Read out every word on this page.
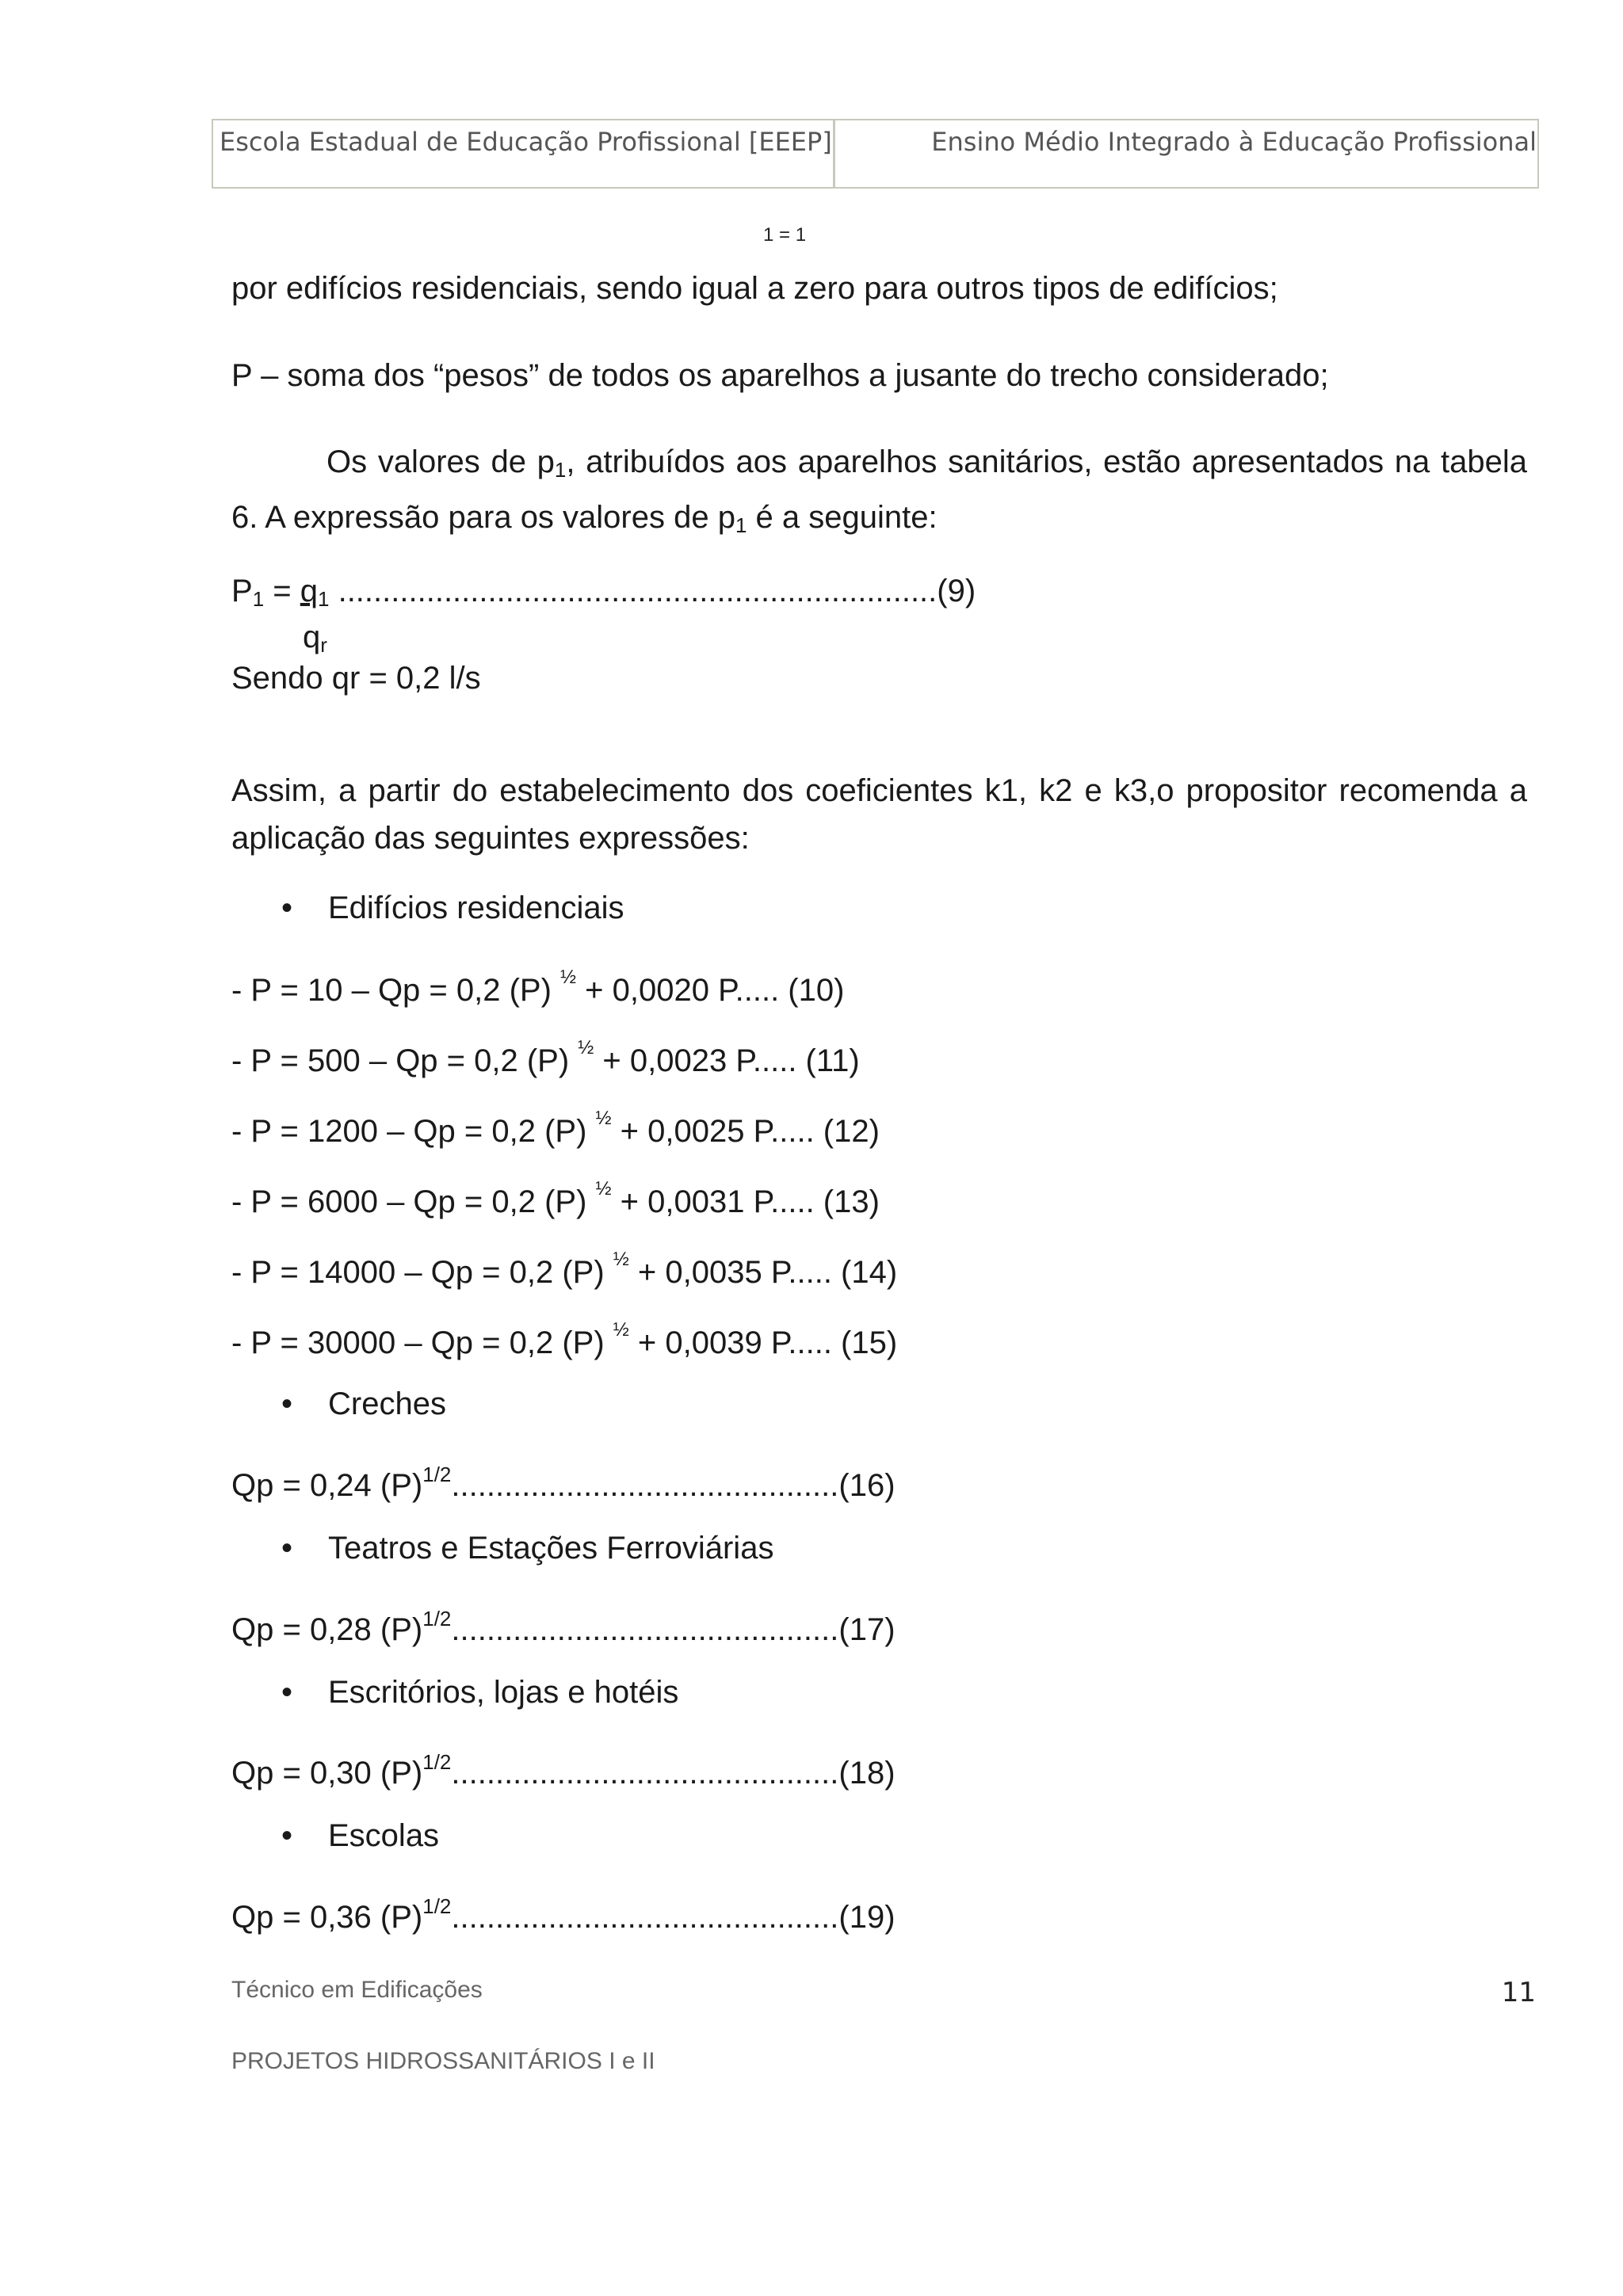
Escola Estadual de Educação Profissional [EEEP]	Ensino Médio Integrado à Educação Profissional
1 = 1
por edifícios residenciais, sendo igual a zero para outros tipos de edifícios;
P – soma dos “pesos” de todos os aparelhos a jusante do trecho considerado;
Os valores de $p_1$, atribuídos aos aparelhos sanitários, estão apresentados na tabela 6. A expressão para os valores de $p_1$ é a seguinte:
$P_1 = q_1$ ....................................................................(9)
$q_r$
Sendo qr = 0,2 l/s
Assim, a partir do estabelecimento dos coeficientes k1, k2 e k3,o propositor recomenda a aplicação das seguintes expressões:
• Edifícios residenciais
- P = 10 – Qp = 0,2 (P) $^{\frac{1}{2}}$ + 0,0020 P..... (10)
- P = 500 – Qp = 0,2 (P) $^{\frac{1}{2}}$ + 0,0023 P..... (11)
- P = 1200 – Qp = 0,2 (P) $^{\frac{1}{2}}$ + 0,0025 P..... (12)
- P = 6000 – Qp = 0,2 (P) $^{\frac{1}{2}}$ + 0,0031 P..... (13)
- P = 14000 – Qp = 0,2 (P) $^{\frac{1}{2}}$ + 0,0035 P..... (14)
- P = 30000 – Qp = 0,2 (P) $^{\frac{1}{2}}$ + 0,0039 P..... (15)
• Creches
Qp = 0,24 $(P)^{1/2}............................................(16)$
• Teatros e Estações Ferroviárias
Qp = 0,28 $(P)^{1/2}............................................(17)$
• Escritórios, lojas e hotéis
Qp = 0,30 $(P)^{1/2}............................................(18)$
• Escolas
Qp = 0,36 $(P)^{1/2}............................................(19)$
Técnico em Edificações	11
PROJETOS HIDROSSANITÁRIOS I e II
